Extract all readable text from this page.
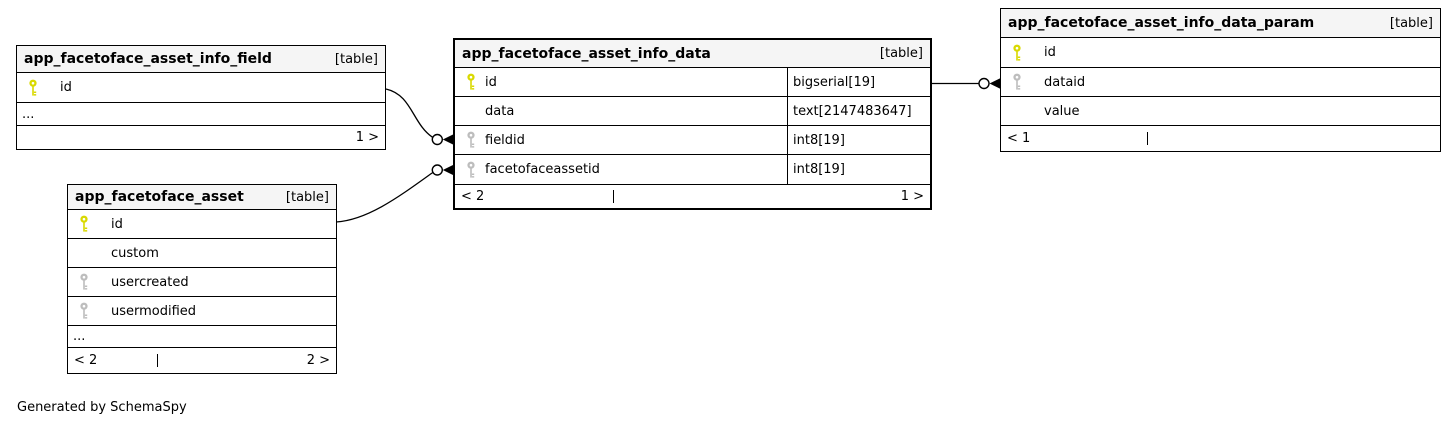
app_facetoface_asset_info_field	[table]
id
...
1 >
app_facetoface_asset_info_data	[table]
id	bigserial[19]
data	text[2147483647]
fieldid	int8[19]
facetofaceassetid	int8[19]
< 2	1 >
app_facetoface_asset_info_data_param	[table]
id
dataid
value
< 1
app_facetoface_asset	[table]
id
custom
usercreated
usermodified
...
< 2	2 >
Generated by SchemaSpy
